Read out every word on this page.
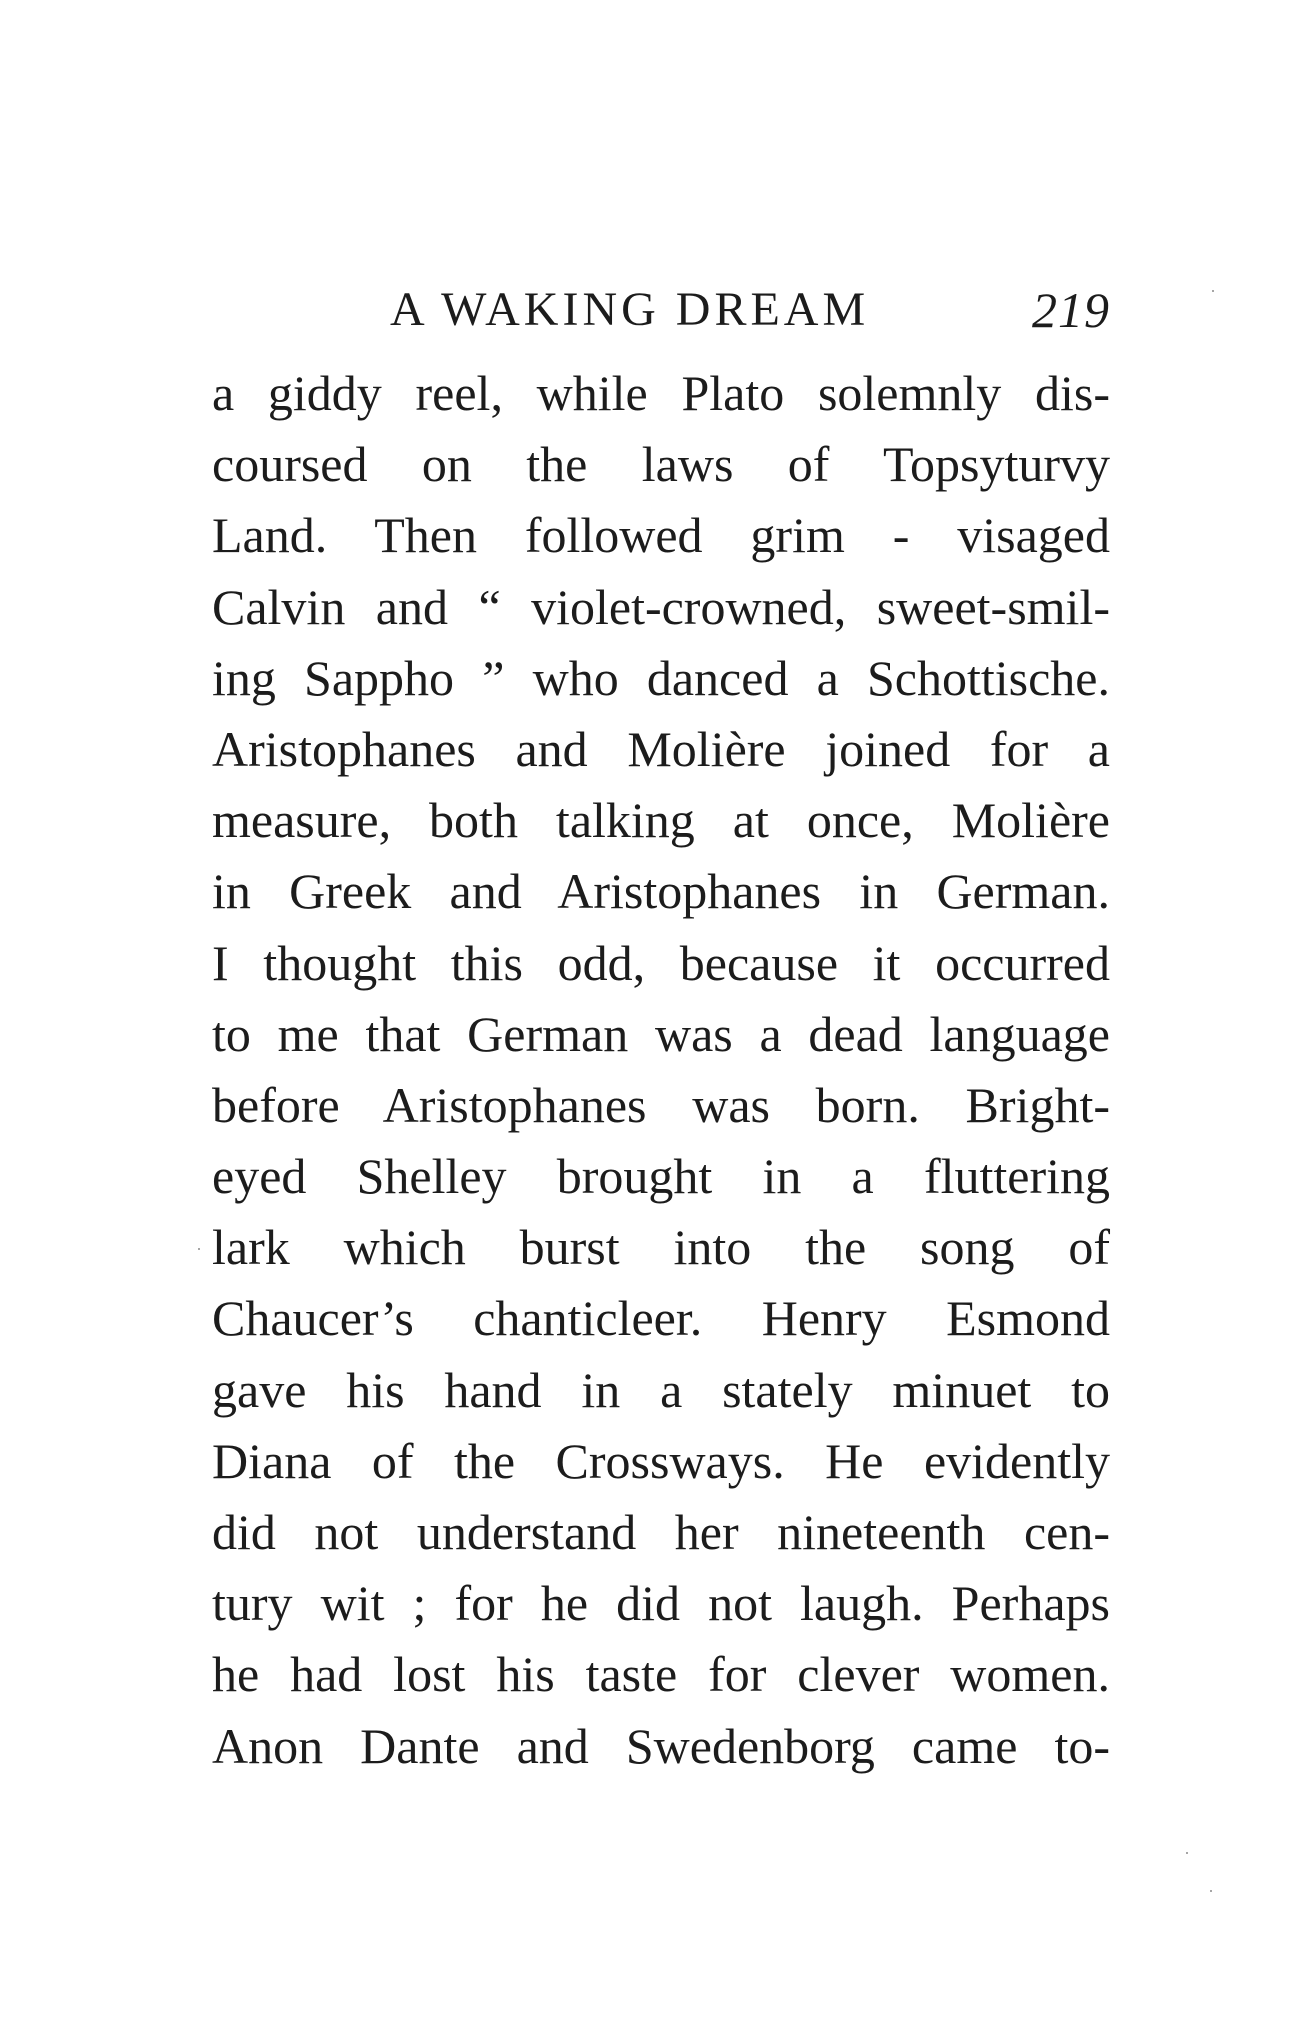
A WAKING DREAM	219
a giddy reel, while Plato solemnly dis-
coursed on the laws of Topsyturvy
Land. Then followed grim - visaged
Calvin and “ violet-crowned, sweet-smil-
ing Sappho ” who danced a Schottische.
Aristophanes and Molière joined for a
measure, both talking at once, Molière
in Greek and Aristophanes in German.
I thought this odd, because it occurred
to me that German was a dead language
before Aristophanes was born. Bright-
eyed Shelley brought in a fluttering
lark which burst into the song of
Chaucer’s chanticleer. Henry Esmond
gave his hand in a stately minuet to
Diana of the Crossways. He evidently
did not understand her nineteenth cen-
tury wit ; for he did not laugh. Perhaps
he had lost his taste for clever women.
Anon Dante and Swedenborg came to-
